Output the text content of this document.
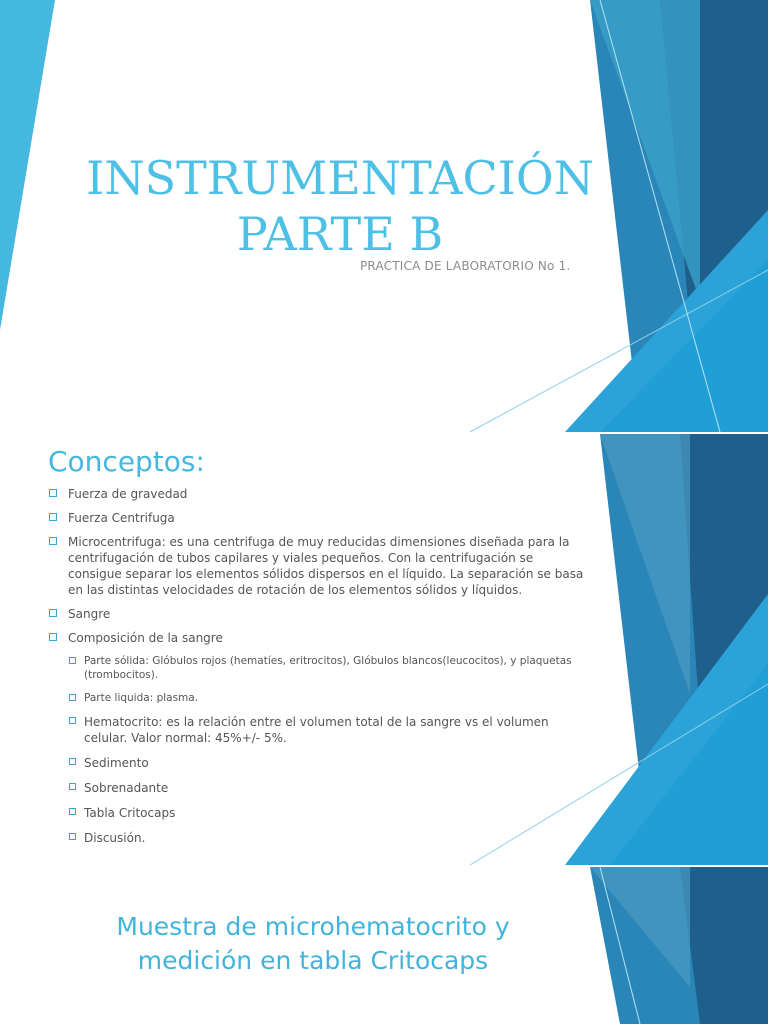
INSTRUMENTACIÓN
PARTE B
PRACTICA DE LABORATORIO No 1.
Conceptos:
Fuerza de gravedad
Fuerza Centrifuga
Microcentrifuga: es una centrifuga de muy reducidas dimensiones diseñada para la centrifugación de tubos capilares y viales pequeños. Con la centrifugación se consigue separar los elementos sólidos dispersos en el líquido. La separación se basa en las distintas velocidades de rotación de los elementos sólidos y líquidos.
Sangre
Composición de la sangre
Parte sólida: Glóbulos rojos (hematíes, eritrocitos), Glóbulos blancos(leucocitos), y plaquetas (trombocitos).
Parte liquida: plasma.
Hematocrito: es la relación entre el volumen total de la sangre vs el volumen celular. Valor normal: 45%+/- 5%.
Sedimento
Sobrenadante
Tabla Critocaps
Discusión.
Muestra de microhematocrito y
medición en tabla Critocaps
